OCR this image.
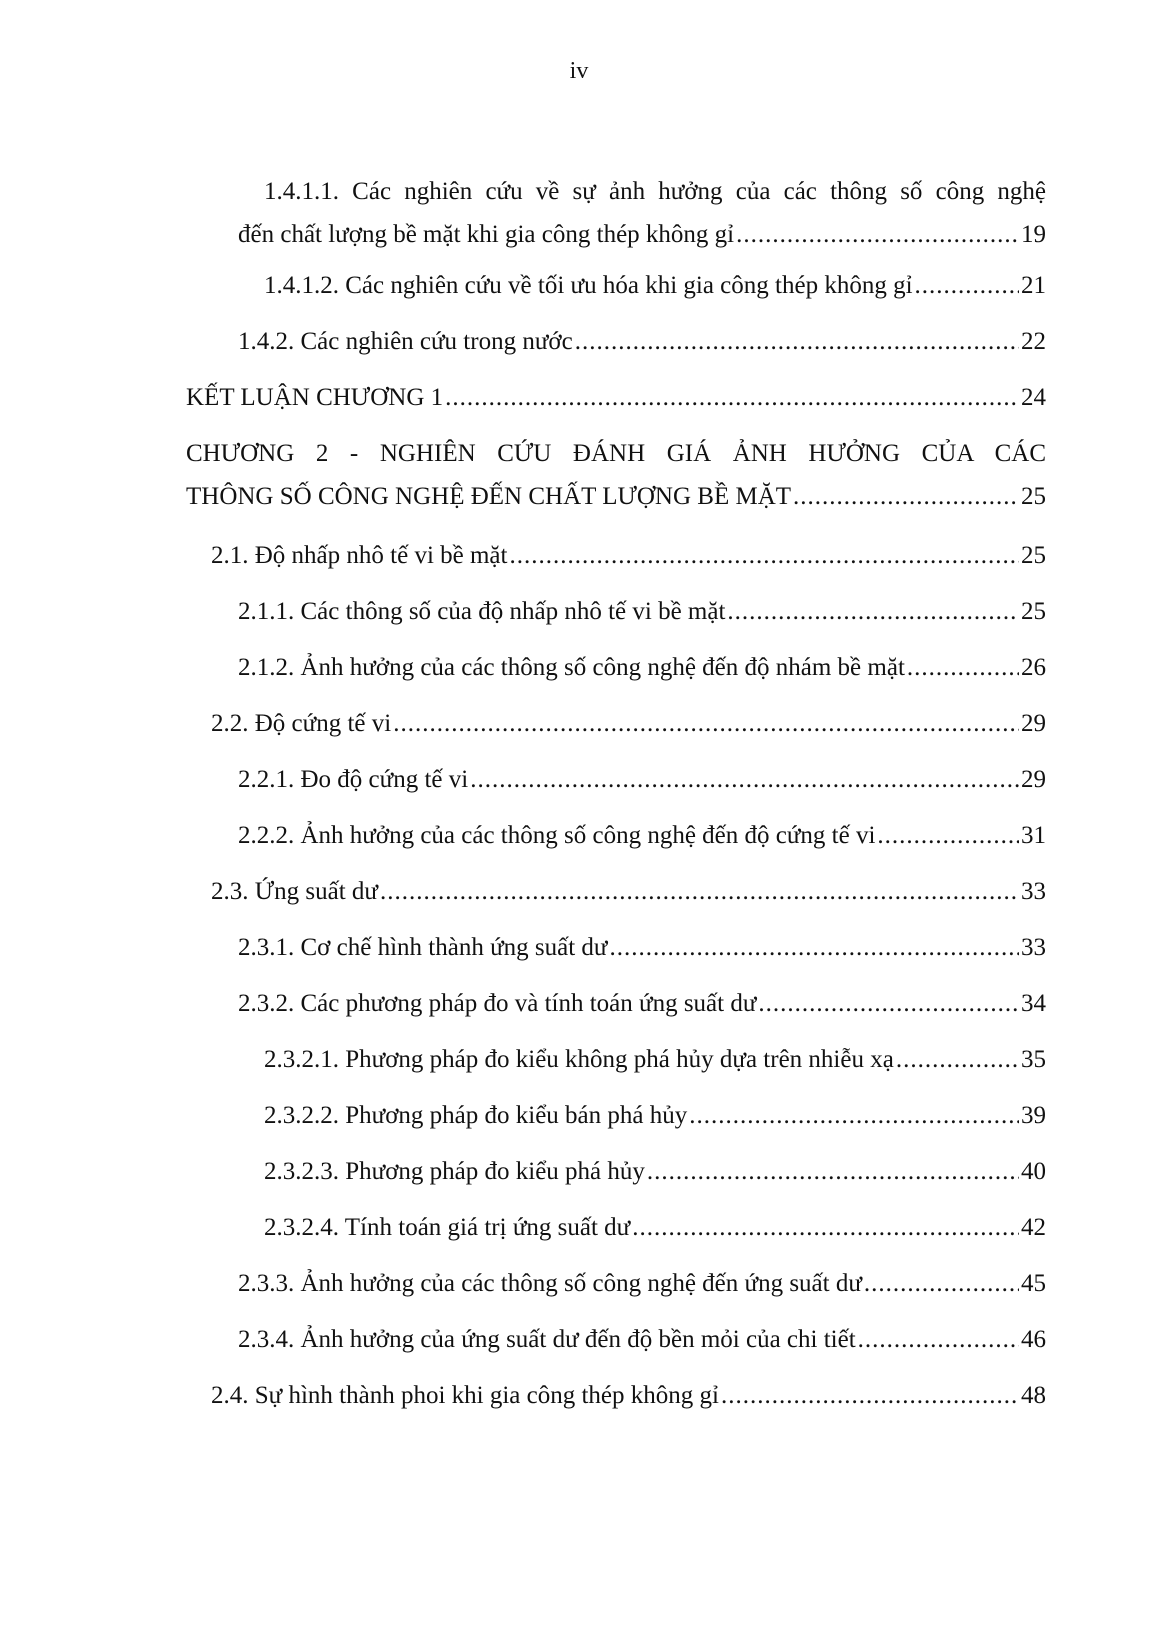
iv
1.4.1.1. Các nghiên cứu về sự ảnh hưởng của các thông số công nghệ
đến chất lượng bề mặt khi gia công thép không gỉ .....	19
1.4.1.2. Các nghiên cứu về tối ưu hóa khi gia công thép không gỉ .....	21
1.4.2. Các nghiên cứu trong nước .....	22
KẾT LUẬN CHƯƠNG 1 .....	24
CHƯƠNG 2 - NGHIÊN CỨU ĐÁNH GIÁ ẢNH HƯỞNG CỦA CÁC
THÔNG SỐ CÔNG NGHỆ ĐẾN CHẤT LƯỢNG BỀ MẶT .....	25
2.1. Độ nhấp nhô tế vi bề mặt .....	25
2.1.1. Các thông số của độ nhấp nhô tế vi bề mặt .....	25
2.1.2. Ảnh hưởng của các thông số công nghệ đến độ nhám bề mặt .....	26
2.2. Độ cứng tế vi .....	29
2.2.1. Đo độ cứng tế vi .....	29
2.2.2. Ảnh hưởng của các thông số công nghệ đến độ cứng tế vi .....	31
2.3. Ứng suất dư .....	33
2.3.1. Cơ chế hình thành ứng suất dư .....	33
2.3.2. Các phương pháp đo và tính toán ứng suất dư .....	34
2.3.2.1. Phương pháp đo kiểu không phá hủy dựa trên nhiễu xạ .....	35
2.3.2.2. Phương pháp đo kiểu bán phá hủy .....	39
2.3.2.3. Phương pháp đo kiểu phá hủy .....	40
2.3.2.4. Tính toán giá trị ứng suất dư .....	42
2.3.3. Ảnh hưởng của các thông số công nghệ đến ứng suất dư .....	45
2.3.4. Ảnh hưởng của ứng suất dư đến độ bền mỏi của chi tiết .....	46
2.4. Sự hình thành phoi khi gia công thép không gỉ .....	48
